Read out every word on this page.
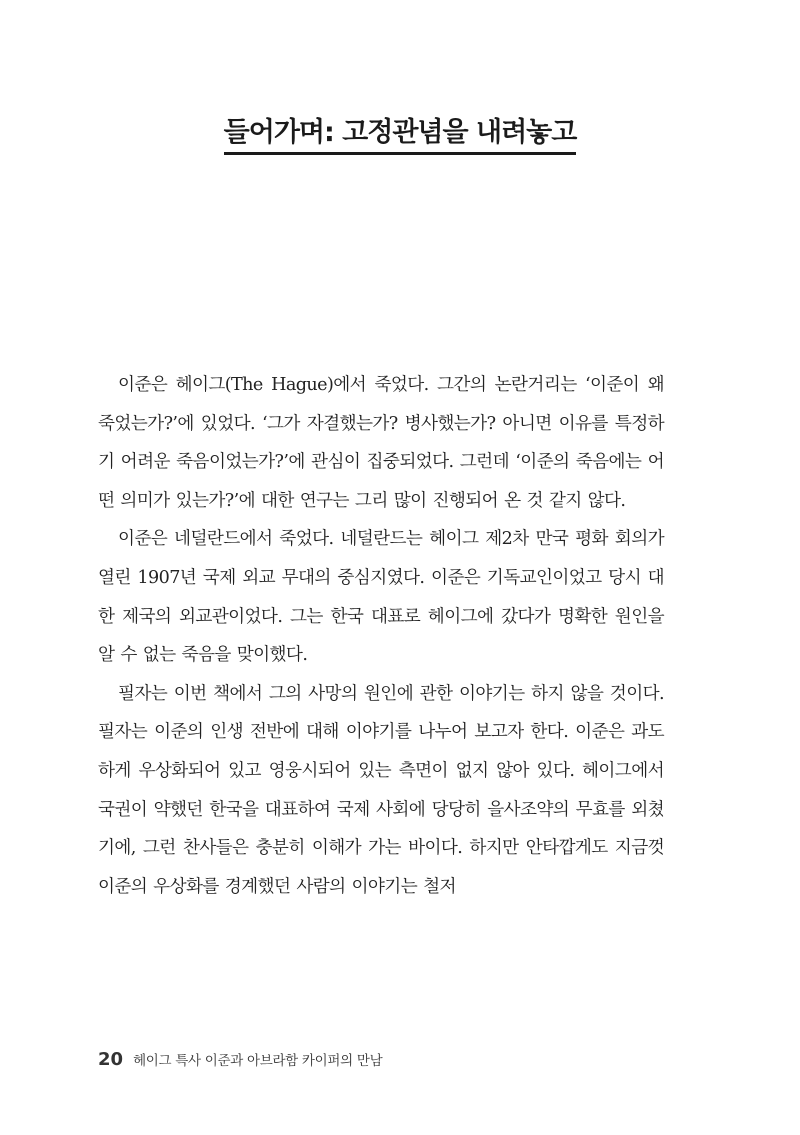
들어가며: 고정관념을 내려놓고

이준은 헤이그(The Hague)에서 죽었다. 그간의 논란거리는 ‘이준이 왜 죽었는가?’에 있었다. ‘그가 자결했는가? 병사했는가? 아니면 이유를 특정하기 어려운 죽음이었는가?’에 관심이 집중되었다. 그런데 ‘이준의 죽음에는 어떤 의미가 있는가?’에 대한 연구는 그리 많이 진행되어 온 것 같지 않다.

이준은 네덜란드에서 죽었다. 네덜란드는 헤이그 제2차 만국 평화 회의가 열린 1907년 국제 외교 무대의 중심지였다. 이준은 기독교인이었고 당시 대한 제국의 외교관이었다. 그는 한국 대표로 헤이그에 갔다가 명확한 원인을 알 수 없는 죽음을 맞이했다.

필자는 이번 책에서 그의 사망의 원인에 관한 이야기는 하지 않을 것이다. 필자는 이준의 인생 전반에 대해 이야기를 나누어 보고자 한다. 이준은 과도하게 우상화되어 있고 영웅시되어 있는 측면이 없지 않아 있다. 헤이그에서 국권이 약했던 한국을 대표하여 국제 사회에 당당히 을사조약의 무효를 외쳤기에, 그런 찬사들은 충분히 이해가 가는 바이다. 하지만 안타깝게도 지금껏 이준의 우상화를 경계했던 사람의 이야기는 철저

20 헤이그 특사 이준과 아브라함 카이퍼의 만남
